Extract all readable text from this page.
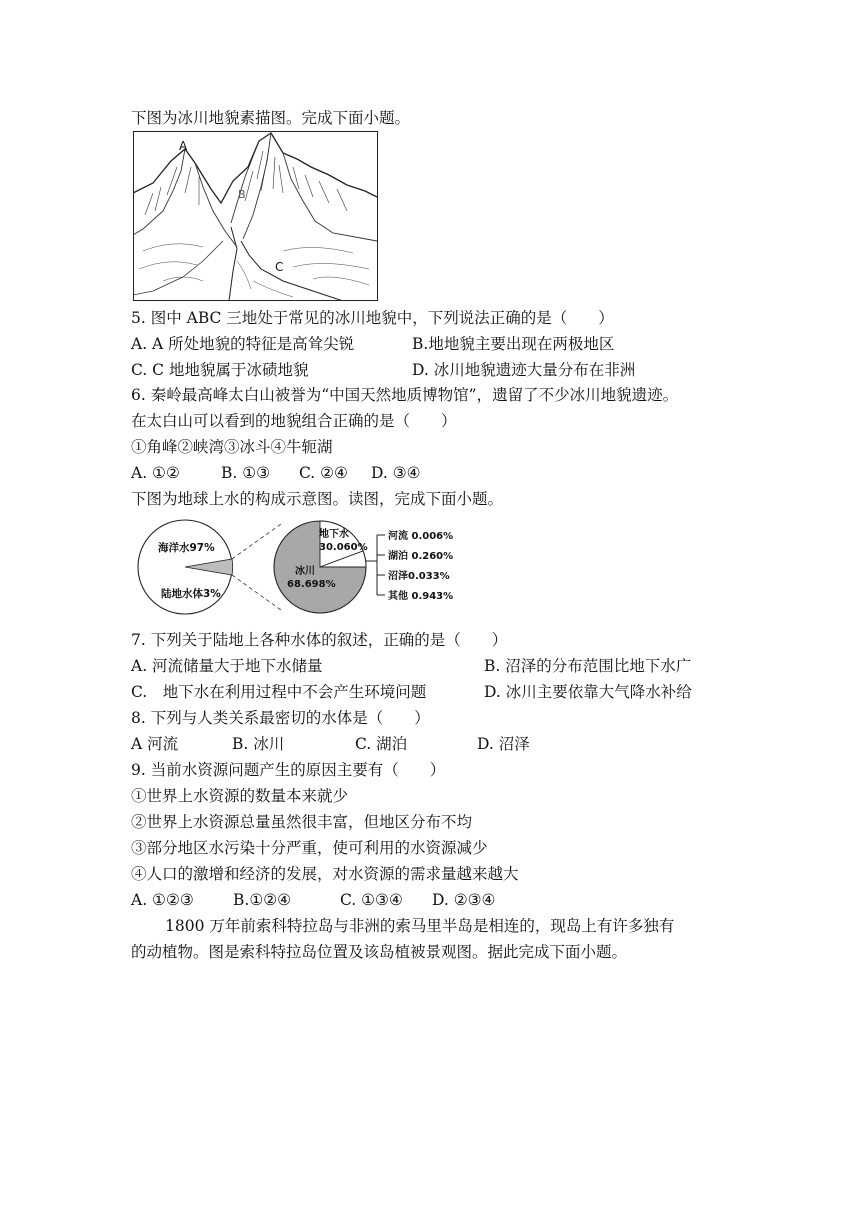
下图为冰川地貌素描图。完成下面小题。
A
B
C
5. 图中 ABC 三地处于常见的冰川地貌中，下列说法正确的是（　　）
A. A 所处地貌的特征是高耸尖锐	B.地地貌主要出现在两极地区
C. C 地地貌属于冰碛地貌	D. 冰川地貌遗迹大量分布在非洲
6. 秦岭最高峰太白山被誉为“中国天然地质博物馆”，遗留了不少冰川地貌遗迹。
在太白山可以看到的地貌组合正确的是（　　）
①角峰②峡湾③冰斗④牛轭湖
A. ①②	B. ①③ C. ②④ D. ③④
下图为地球上水的构成示意图。读图，完成下面小题。
海洋水97%
陆地水体3%
地下水
30.060%
冰川
68.698%
河流 0.006%
湖泊 0.260%
沼泽0.033%
其他 0.943%
7. 下列关于陆地上各种水体的叙述，正确的是（　　）
A. 河流储量大于地下水储量	B. 沼泽的分布范围比地下水广
C.　地下水在利用过程中不会产生环境问题	D. 冰川主要依靠大气降水补给
8. 下列与人类关系最密切的水体是（　　）
A 河流	B. 冰川	C. 湖泊	D. 沼泽
9. 当前水资源问题产生的原因主要有（　　）
①世界上水资源的数量本来就少
②世界上水资源总量虽然很丰富，但地区分布不均
③部分地区水污染十分严重，使可利用的水资源减少
④人口的激增和经济的发展，对水资源的需求量越来越大
A. ①②③	B.①②④	C. ①③④ D. ②③④
1800 万年前索科特拉岛与非洲的索马里半岛是相连的，现岛上有许多独有
的动植物。图是索科特拉岛位置及该岛植被景观图。据此完成下面小题。
